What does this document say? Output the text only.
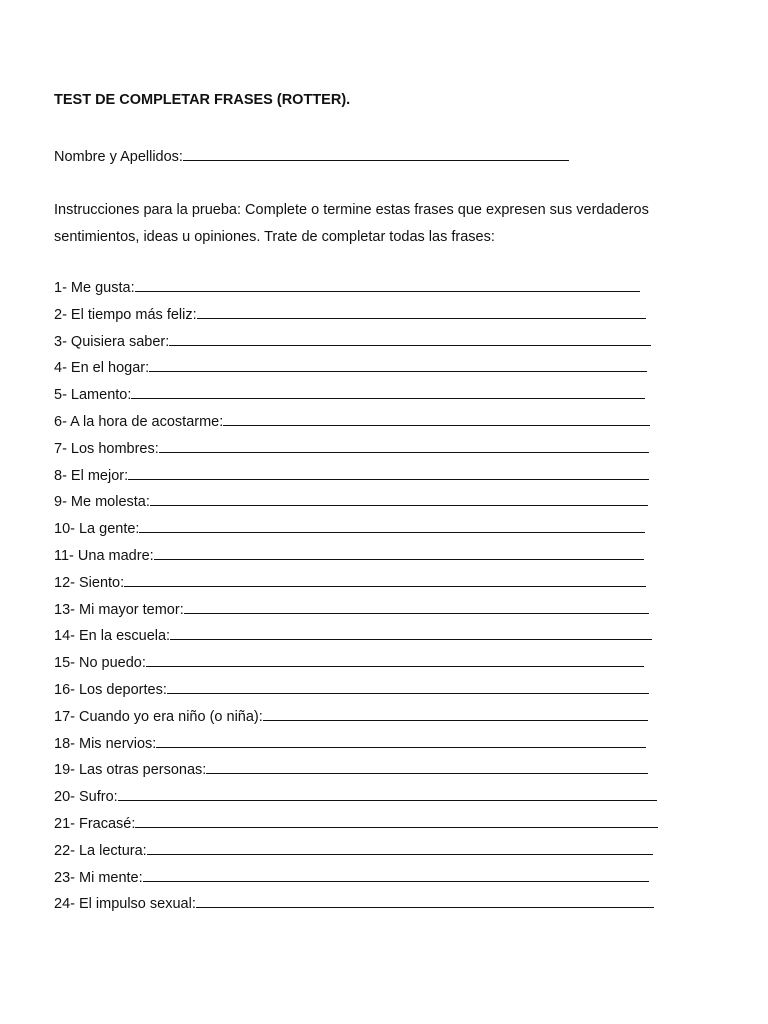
TEST DE COMPLETAR FRASES (ROTTER).
Nombre y Apellidos:
Instrucciones para la prueba: Complete o termine estas frases que expresen sus verdaderos sentimientos, ideas u opiniones. Trate de completar todas las frases:
1- Me gusta:
2- El tiempo más feliz:
3- Quisiera saber:
4- En el hogar:
5- Lamento:
6- A la hora de acostarme:
7- Los hombres:
8- El mejor:
9- Me molesta:
10- La gente:
11- Una madre:
12- Siento:
13- Mi mayor temor:
14- En la escuela:
15- No puedo:
16- Los deportes:
17- Cuando yo era niño (o niña):
18- Mis nervios:
19- Las otras personas:
20- Sufro:
21- Fracasé:
22- La lectura:
23- Mi mente:
24- El impulso sexual:
